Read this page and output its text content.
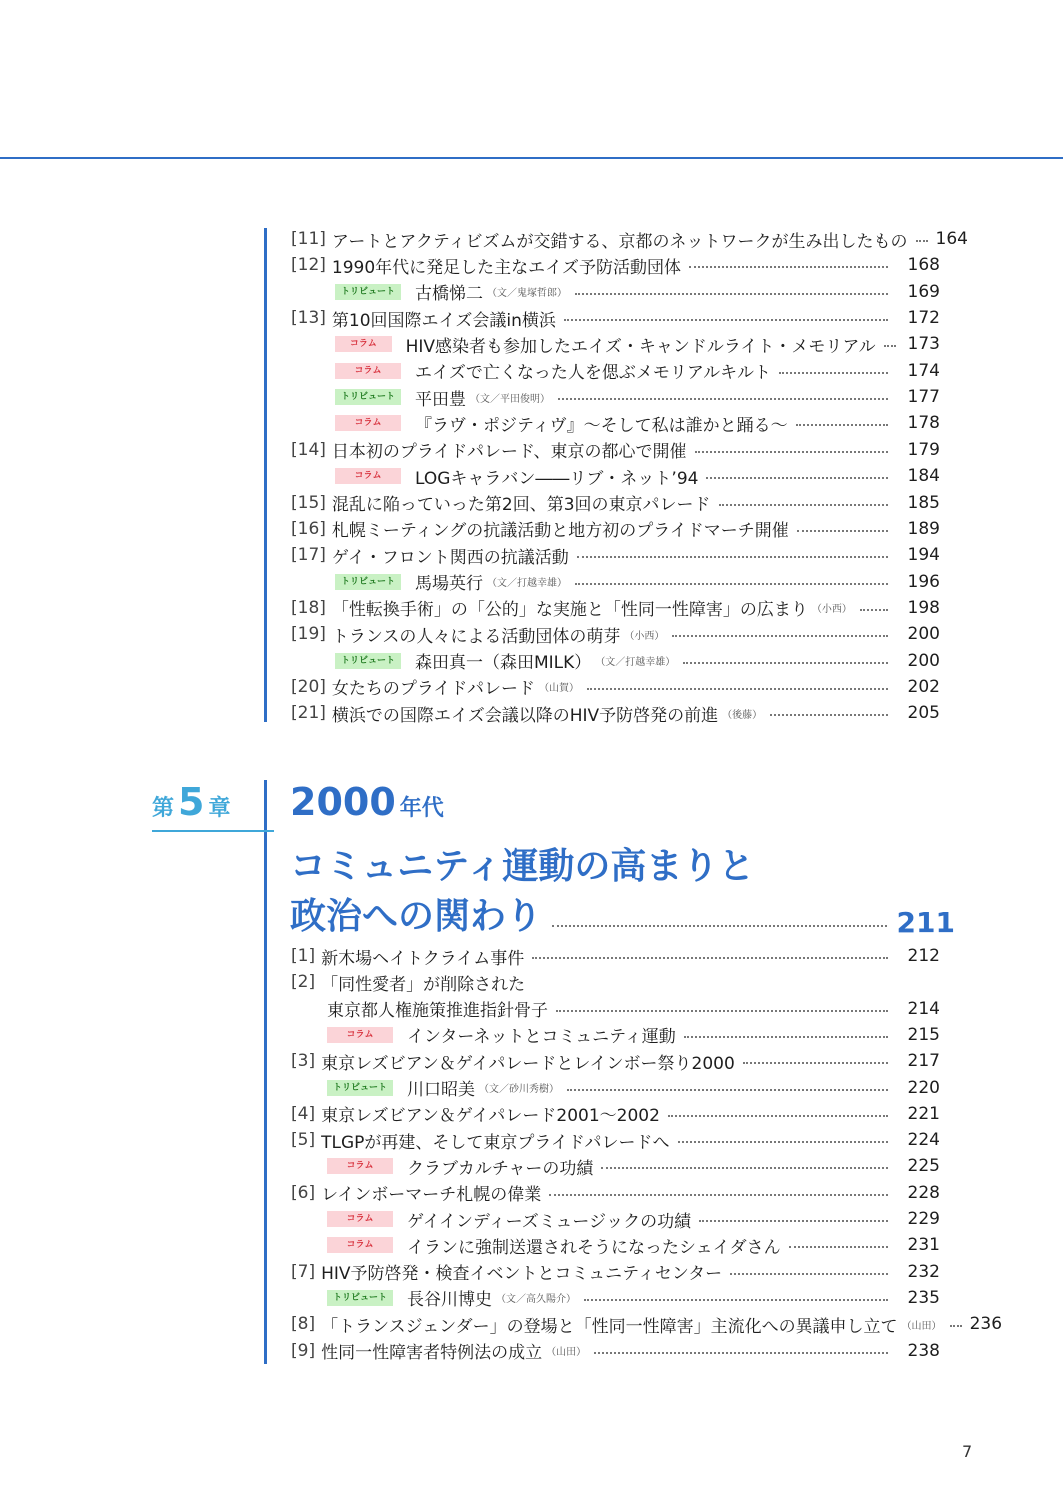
[11] アートとアクティビズムが交錯する、京都のネットワークが生み出したもの 164
[12] 1990年代に発足した主なエイズ予防活動団体	168
トリビュート	古橋悌二 （文／鬼塚哲郎）	169
[13] 第10回国際エイズ会議in横浜	172
コラム	HIV感染者も参加したエイズ・キャンドルライト・メモリアル 173
コラム	エイズで亡くなった人を偲ぶメモリアルキルト	174
トリビュート	平田豊 （文／平田俊明）	177
コラム	『ラヴ・ポジティヴ』〜そして私は誰かと踊る〜	178
[14] 日本初のプライドパレード、東京の都心で開催	179
コラム	LOGキャラバン――リブ・ネット’94	184
[15] 混乱に陥っていった第2回、第3回の東京パレード	185
[16] 札幌ミーティングの抗議活動と地方初のプライドマーチ開催	189
[17] ゲイ・フロント関西の抗議活動	194
トリビュート	馬場英行 （文／打越幸雄）	196
[18] 「性転換手術」の「公的」な実施と「性同一性障害」の広まり （小西）	198
[19] トランスの人々による活動団体の萌芽 （小西）	200
トリビュート	森田真一（森田MILK） （文／打越幸雄）	200
[20] 女たちのプライドパレード （山賀）	202
[21] 横浜での国際エイズ会議以降のHIV予防啓発の前進 （後藤）	205
第 5 章 2000 年代
コミュニティ運動の高まりと
政治への関わり	211
[1] 新木場ヘイトクライム事件	212
[2] 「同性愛者」が削除された
東京都人権施策推進指針骨子	214
コラム	インターネットとコミュニティ運動	215
[3] 東京レズビアン＆ゲイパレードとレインボー祭り2000	217
トリビュート	川口昭美 （文／砂川秀樹）	220
[4] 東京レズビアン＆ゲイパレード2001〜2002	221
[5] TLGPが再建、そして東京プライドパレードへ	224
コラム	クラブカルチャーの功績	225
[6] レインボーマーチ札幌の偉業	228
コラム	ゲイインディーズミュージックの功績	229
コラム	イランに強制送還されそうになったシェイダさん	231
[7] HIV予防啓発・検査イベントとコミュニティセンター	232
トリビュート	長谷川博史 （文／高久陽介）	235
[8] 「トランスジェンダー」の登場と「性同一性障害」主流化への異議申し立て （山田） 236
[9] 性同一性障害者特例法の成立 （山田）	238
7
